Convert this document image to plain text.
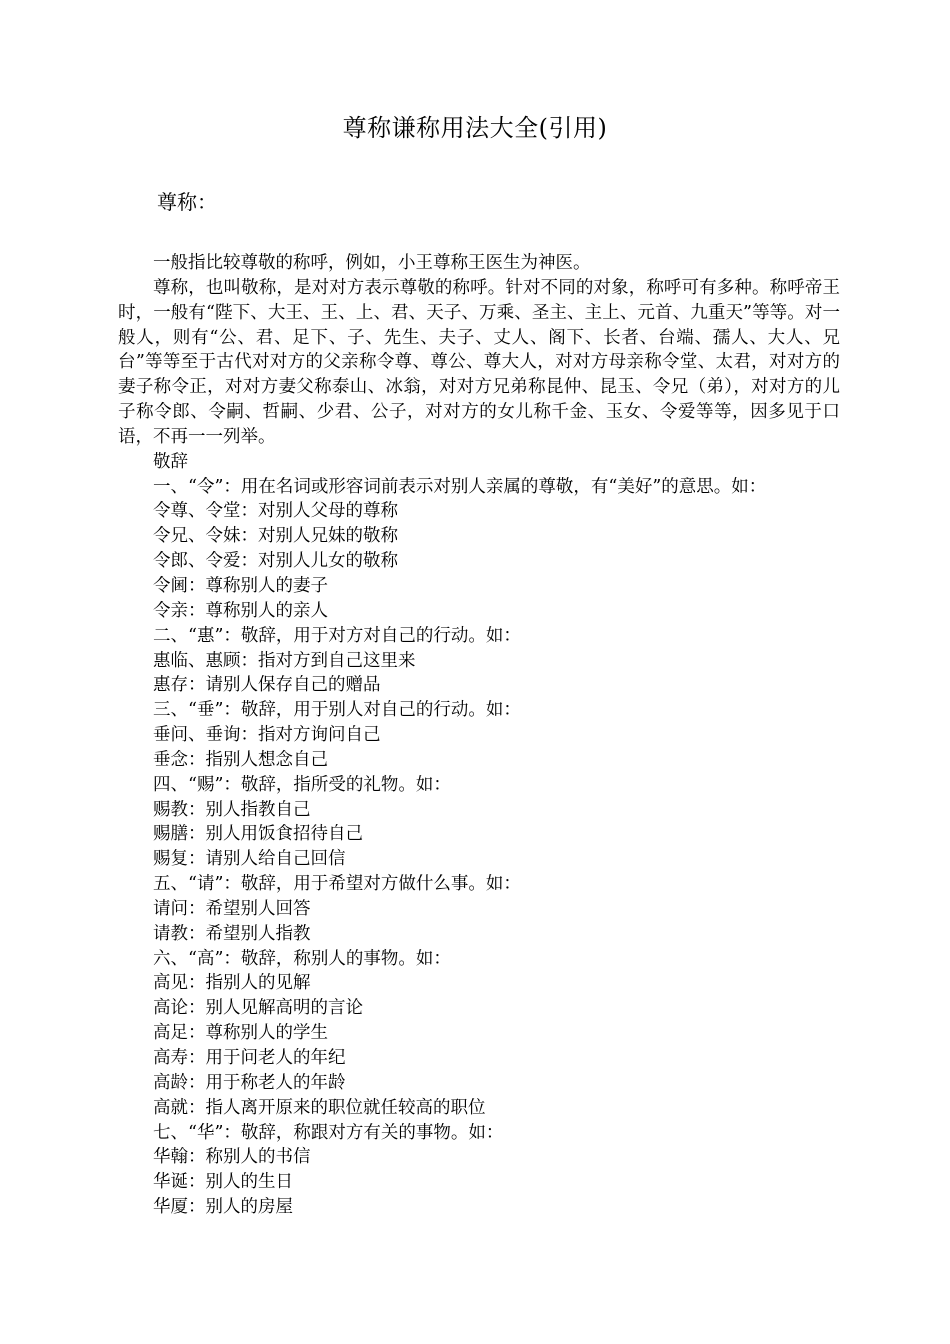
尊称谦称用法大全(引用)
尊称：

一般指比较尊敬的称呼，例如，小王尊称王医生为神医。

尊称，也叫敬称，是对对方表示尊敬的称呼。针对不同的对象，称呼可有多种。称呼帝王时，一般有“陛下、大王、王、上、君、天子、万乘、圣主、主上、元首、九重天”等等。对一般人，则有“公、君、足下、子、先生、夫子、丈人、阁下、长者、台端、孺人、大人、兄台”等等至于古代对对方的父亲称令尊、尊公、尊大人，对对方母亲称令堂、太君，对对方的妻子称令正，对对方妻父称泰山、冰翁，对对方兄弟称昆仲、昆玉、令兄（弟），对对方的儿子称令郎、令嗣、哲嗣、少君、公子，对对方的女儿称千金、玉女、令爱等等，因多见于口语，不再一一列举。

敬辞

一、“令”：用在名词或形容词前表示对别人亲属的尊敬，有“美好”的意思。如：

令尊、令堂：对别人父母的尊称

令兄、令妹：对别人兄妹的敬称

令郎、令爱：对别人儿女的敬称

令阃：尊称别人的妻子

令亲：尊称别人的亲人

二、“惠”：敬辞，用于对方对自己的行动。如：

惠临、惠顾：指对方到自己这里来

惠存：请别人保存自己的赠品

三、“垂”：敬辞，用于别人对自己的行动。如：

垂问、垂询：指对方询问自己

垂念：指别人想念自己

四、“赐”：敬辞，指所受的礼物。如：

赐教：别人指教自己

赐膳：别人用饭食招待自己

赐复：请别人给自己回信

五、“请”：敬辞，用于希望对方做什么事。如：

请问：希望别人回答

请教：希望别人指教

六、“高”：敬辞，称别人的事物。如：

高见：指别人的见解

高论：别人见解高明的言论

高足：尊称别人的学生

高寿：用于问老人的年纪

高龄：用于称老人的年龄

高就：指人离开原来的职位就任较高的职位

七、“华”：敬辞，称跟对方有关的事物。如：

华翰：称别人的书信

华诞：别人的生日

华厦：别人的房屋
